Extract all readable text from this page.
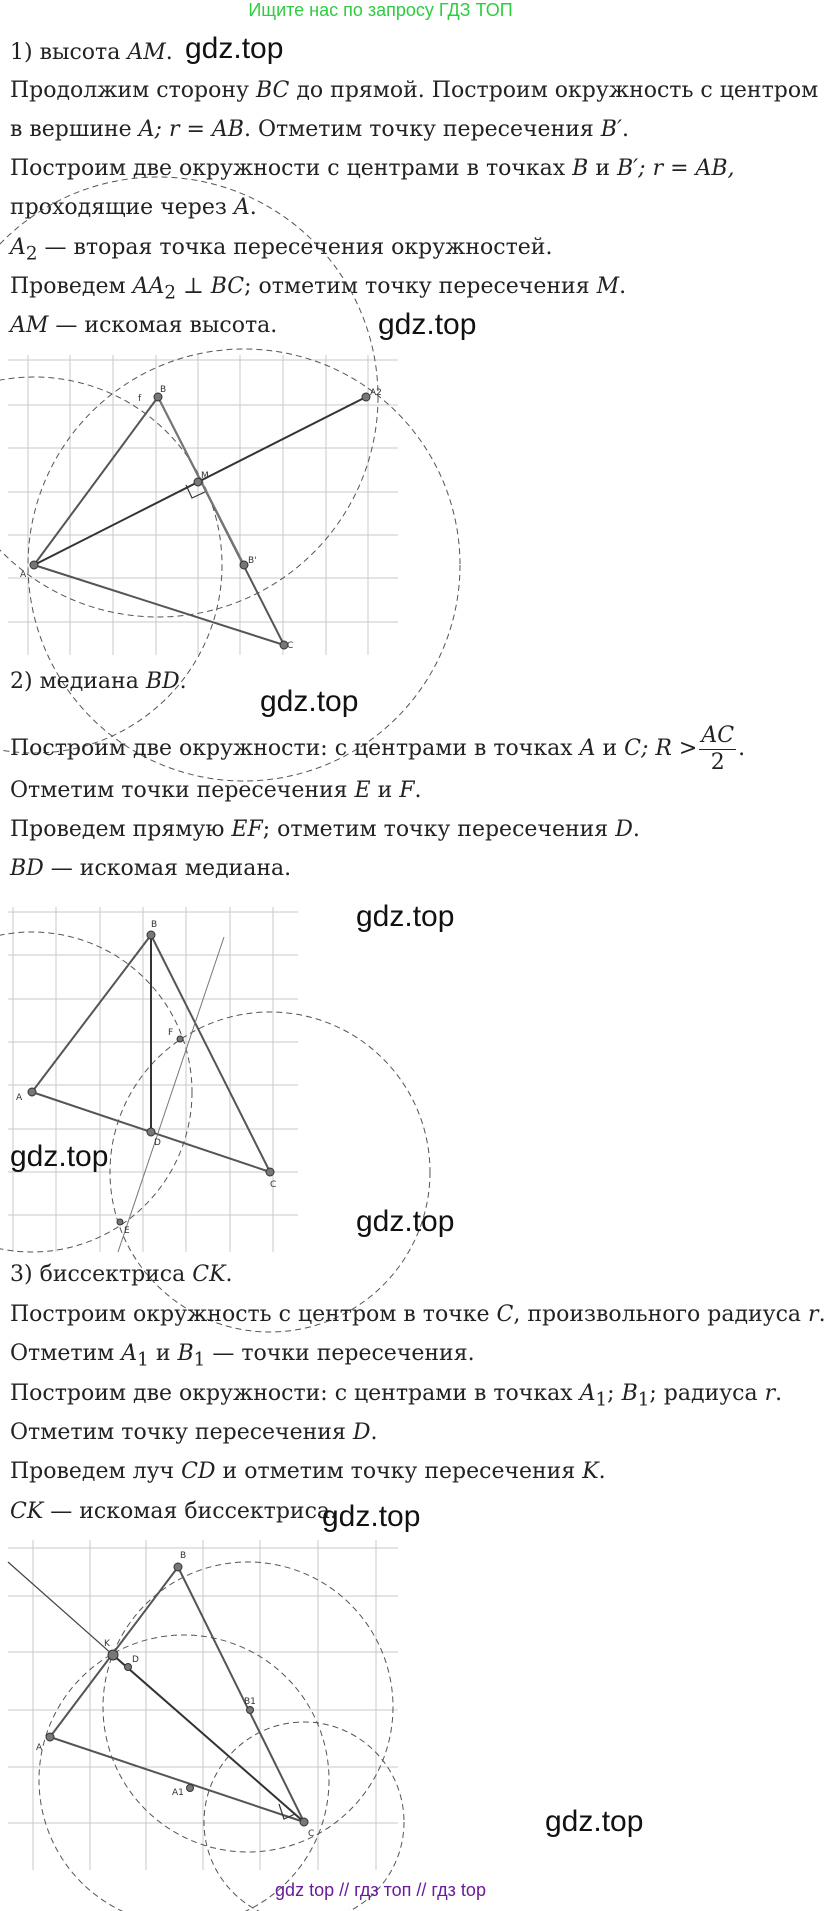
Ищите нас по запросу ГДЗ ТОП
1) высота AM. gdz.top
Продолжим сторону BC до прямой. Построим окружность с центром
в вершине A; r = AB. Отметим точку пересечения B′.
Построим две окружности с центрами в точках B и B′; r = AB,
проходящие через A.
$A_2$ — вторая точка пересечения окружностей.
Проведем $AA_2$ ⊥ BC; отметим точку пересечения M.
AM — искомая высота.	gdz.top
A
B
C
M
B'
A2
f
2) медиана BD.
gdz.top
Построим две окружности: с центрами в точках A и C; $R > \frac{AC}{2}$ .
Отметим точки пересечения E и F.
Проведем прямую EF; отметим точку пересечения D.
BD — искомая медиана.
gdz.top
A
B
C
D
E
F
gdz.top
gdz.top
3) биссектриса CK.
Построим окружность с центром в точке C, произвольного радиуса r.
Отметим $A_1$ и $B_1$ — точки пересечения.
Построим две окружности: с центрами в точках $A_1$; $B_1$; радиуса r.
Отметим точку пересечения D.
Проведем луч CD и отметим точку пересечения K.
CK — искомая биссектриса.
gdz.top
A
B
C
K
D
A1
B1
gdz.top
gdz top // гдз топ // гдз top
